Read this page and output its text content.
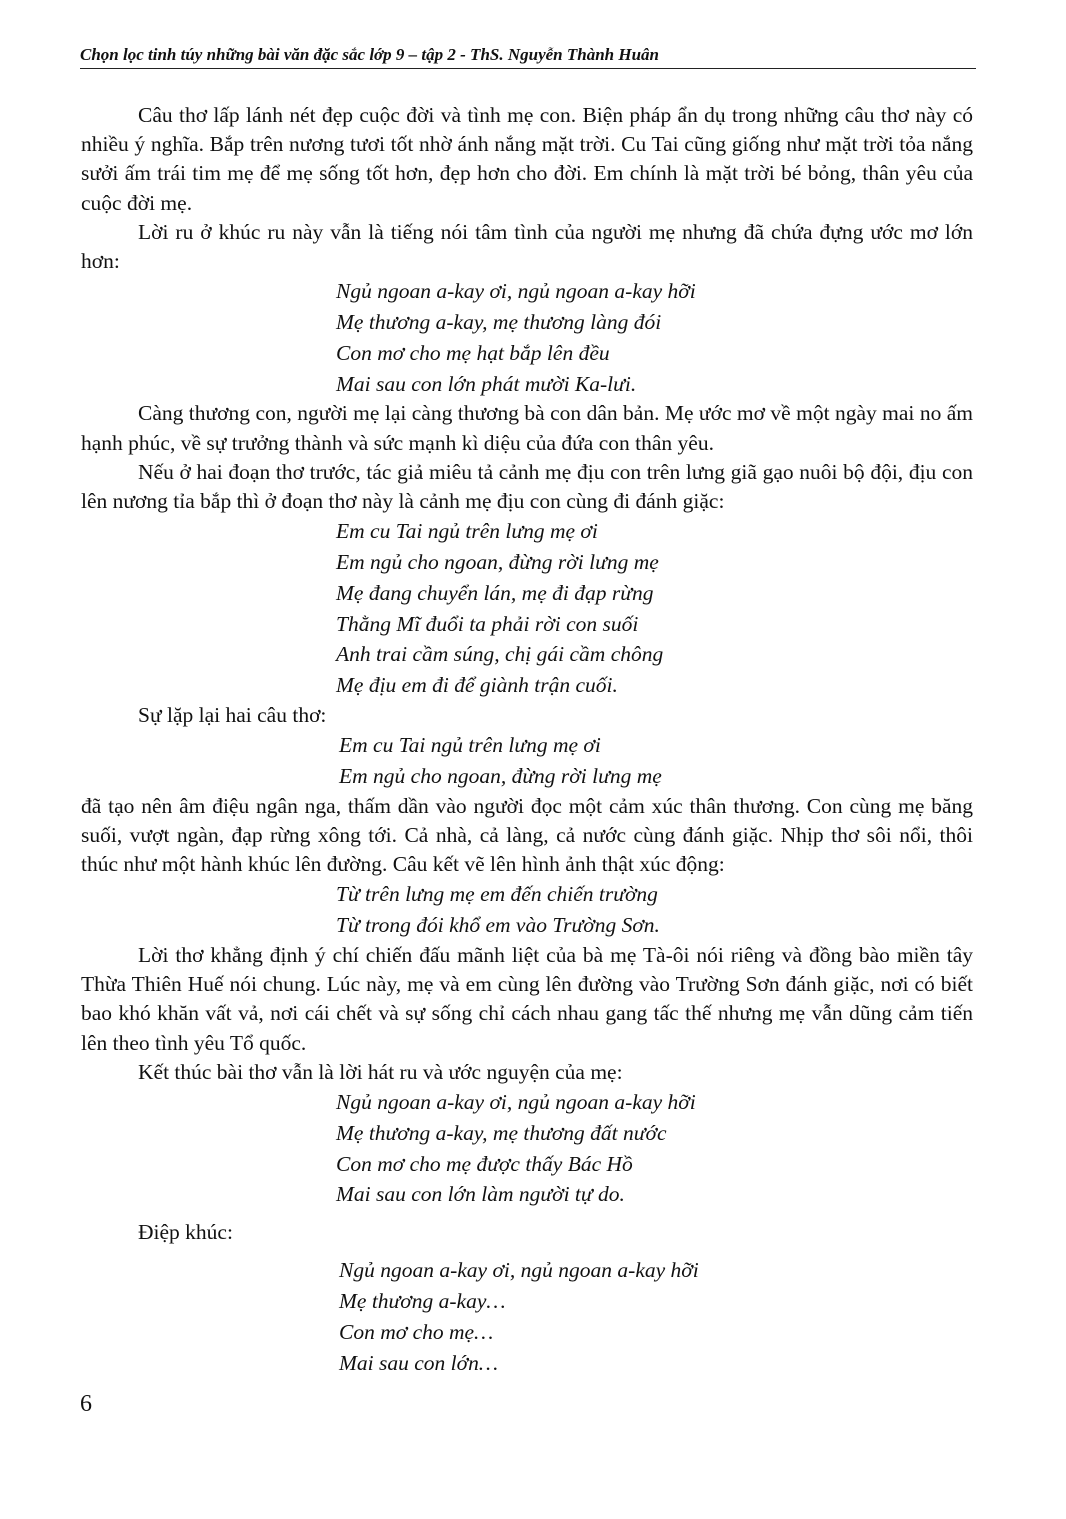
Chọn lọc tinh túy những bài văn đặc sắc lớp 9 – tập 2 - ThS. Nguyễn Thành Huân

Câu thơ lấp lánh nét đẹp cuộc đời và tình mẹ con. Biện pháp ẩn dụ trong những câu thơ này có nhiều ý nghĩa. Bắp trên nương tươi tốt nhờ ánh nắng mặt trời. Cu Tai cũng giống như mặt trời tỏa nắng sưởi ấm trái tim mẹ để mẹ sống tốt hơn, đẹp hơn cho đời. Em chính là mặt trời bé bỏng, thân yêu của cuộc đời mẹ.

Lời ru ở khúc ru này vẫn là tiếng nói tâm tình của người mẹ nhưng đã chứa đựng ước mơ lớn hơn:

Ngủ ngoan a-kay ơi, ngủ ngoan a-kay hỡi
Mẹ thương a-kay, mẹ thương làng đói
Con mơ cho mẹ hạt bắp lên đều
Mai sau con lớn phát mười Ka-lưi.

Càng thương con, người mẹ lại càng thương bà con dân bản. Mẹ ước mơ về một ngày mai no ấm hạnh phúc, về sự trưởng thành và sức mạnh kì diệu của đứa con thân yêu.

Nếu ở hai đoạn thơ trước, tác giả miêu tả cảnh mẹ địu con trên lưng giã gạo nuôi bộ đội, địu con lên nương tỉa bắp thì ở đoạn thơ này là cảnh mẹ địu con cùng đi đánh giặc:

Em cu Tai ngủ trên lưng mẹ ơi
Em ngủ cho ngoan, đừng rời lưng mẹ
Mẹ đang chuyển lán, mẹ đi đạp rừng
Thằng Mĩ đuổi ta phải rời con suối
Anh trai cầm súng, chị gái cầm chông
Mẹ địu em đi để giành trận cuối.

Sự lặp lại hai câu thơ:

Em cu Tai ngủ trên lưng mẹ ơi
Em ngủ cho ngoan, đừng rời lưng mẹ

đã tạo nên âm điệu ngân nga, thấm dần vào người đọc một cảm xúc thân thương. Con cùng mẹ băng suối, vượt ngàn, đạp rừng xông tới. Cả nhà, cả làng, cả nước cùng đánh giặc. Nhịp thơ sôi nổi, thôi thúc như một hành khúc lên đường. Câu kết vẽ lên hình ảnh thật xúc động:

Từ trên lưng mẹ em đến chiến trường
Từ trong đói khổ em vào Trường Sơn.

Lời thơ khẳng định ý chí chiến đấu mãnh liệt của bà mẹ Tà-ôi nói riêng và đồng bào miền tây Thừa Thiên Huế nói chung. Lúc này, mẹ và em cùng lên đường vào Trường Sơn đánh giặc, nơi có biết bao khó khăn vất vả, nơi cái chết và sự sống chỉ cách nhau gang tấc thế nhưng mẹ vẫn dũng cảm tiến lên theo tình yêu Tổ quốc.

Kết thúc bài thơ vẫn là lời hát ru và ước nguyện của mẹ:

Ngủ ngoan a-kay ơi, ngủ ngoan a-kay hỡi
Mẹ thương a-kay, mẹ thương đất nước
Con mơ cho mẹ được thấy Bác Hồ
Mai sau con lớn làm người tự do.

Điệp khúc:

Ngủ ngoan a-kay ơi, ngủ ngoan a-kay hỡi
Mẹ thương a-kay…
Con mơ cho mẹ…
Mai sau con lớn…
6
